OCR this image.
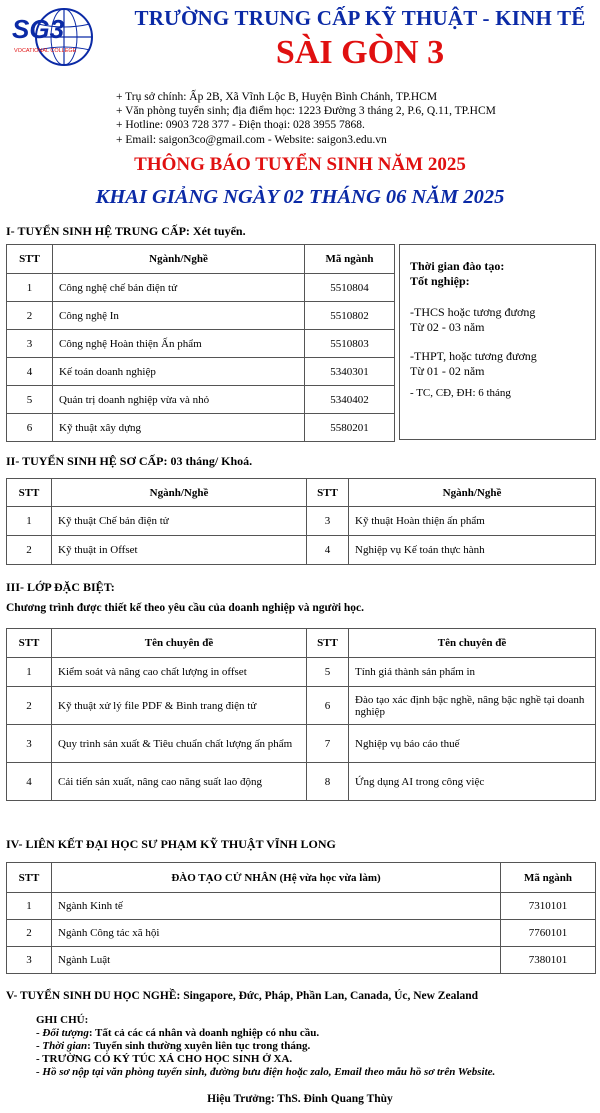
SG3
VOCATIONAL COLLEGE
TRƯỜNG TRUNG CẤP KỸ THUẬT - KINH TẾ
SÀI GÒN 3
+ Trụ sở chính: Ấp 2B, Xã Vĩnh Lộc B, Huyện Bình Chánh, TP.HCM
+ Văn phòng tuyển sinh; địa điểm học: 1223 Đường 3 tháng 2, P.6, Q.11, TP.HCM
+ Hotline: 0903 728 377 - Điện thoại: 028 3955 7868.
+ Email: saigon3co@gmail.com - Website: saigon3.edu.vn
THÔNG BÁO TUYỂN SINH NĂM 2025
KHAI GIẢNG NGÀY 02 THÁNG 06 NĂM 2025
I- TUYỂN SINH HỆ TRUNG CẤP: Xét tuyển.
STT	Ngành/Nghề	Mã ngành
1	Công nghệ chế bản điện tử	5510804
2	Công nghệ In	5510802
3	Công nghệ Hoàn thiện Ấn phẩm	5510803
4	Kế toán doanh nghiệp	5340301
5	Quản trị doanh nghiệp vừa và nhỏ	5340402
6	Kỹ thuật xây dựng	5580201
Thời gian đào tạo:
Tốt nghiệp:
-THCS hoặc tương đương
Từ 02 - 03 năm
-THPT, hoặc tương đương
Từ 01 - 02 năm
- TC, CĐ, ĐH: 6 tháng
II- TUYỂN SINH HỆ SƠ CẤP: 03 tháng/ Khoá.
STT	Ngành/Nghề	STT	Ngành/Nghề
1	Kỹ thuật Chế bản điện tử	3	Kỹ thuật Hoàn thiện ấn phẩm
2	Kỹ thuật in Offset	4	Nghiệp vụ Kế toán thực hành
III- LỚP ĐẶC BIỆT:
Chương trình được thiết kế theo yêu cầu của doanh nghiệp và người học.
STT	Tên chuyên đề	STT	Tên chuyên đề
1	Kiểm soát và nâng cao chất lượng in offset	5	Tính giá thành sản phẩm in
2	Kỹ thuật xử lý file PDF & Bình trang điện tử	6	Đào tạo xác định bậc nghề, nâng bậc nghề tại doanh nghiệp
3	Quy trình sản xuất & Tiêu chuẩn chất lượng ấn phẩm	7	Nghiệp vụ báo cáo thuế
4	Cải tiến sản xuất, nâng cao năng suất lao động	8	Ứng dụng AI trong công việc
IV- LIÊN KẾT ĐẠI HỌC SƯ PHẠM KỸ THUẬT VĨNH LONG
STT	ĐÀO TẠO CỬ NHÂN (Hệ vừa học vừa làm)	Mã ngành
1	Ngành Kinh tế	7310101
2	Ngành Công tác xã hội	7760101
3	Ngành Luật	7380101
V- TUYỂN SINH DU HỌC NGHỀ: Singapore, Đức, Pháp, Phần Lan, Canada, Úc, New Zealand
GHI CHÚ:
- Đối tượng: Tất cả các cá nhân và doanh nghiệp có nhu cầu.
- Thời gian: Tuyển sinh thường xuyên liên tục trong tháng.
- TRƯỜNG CÓ KÝ TÚC XÁ CHO HỌC SINH Ở XA.
- Hồ sơ nộp tại văn phòng tuyển sinh, đường bưu điện hoặc zalo, Email theo mẫu hồ sơ trên Website.
Hiệu Trưởng: ThS. Đinh Quang Thùy
